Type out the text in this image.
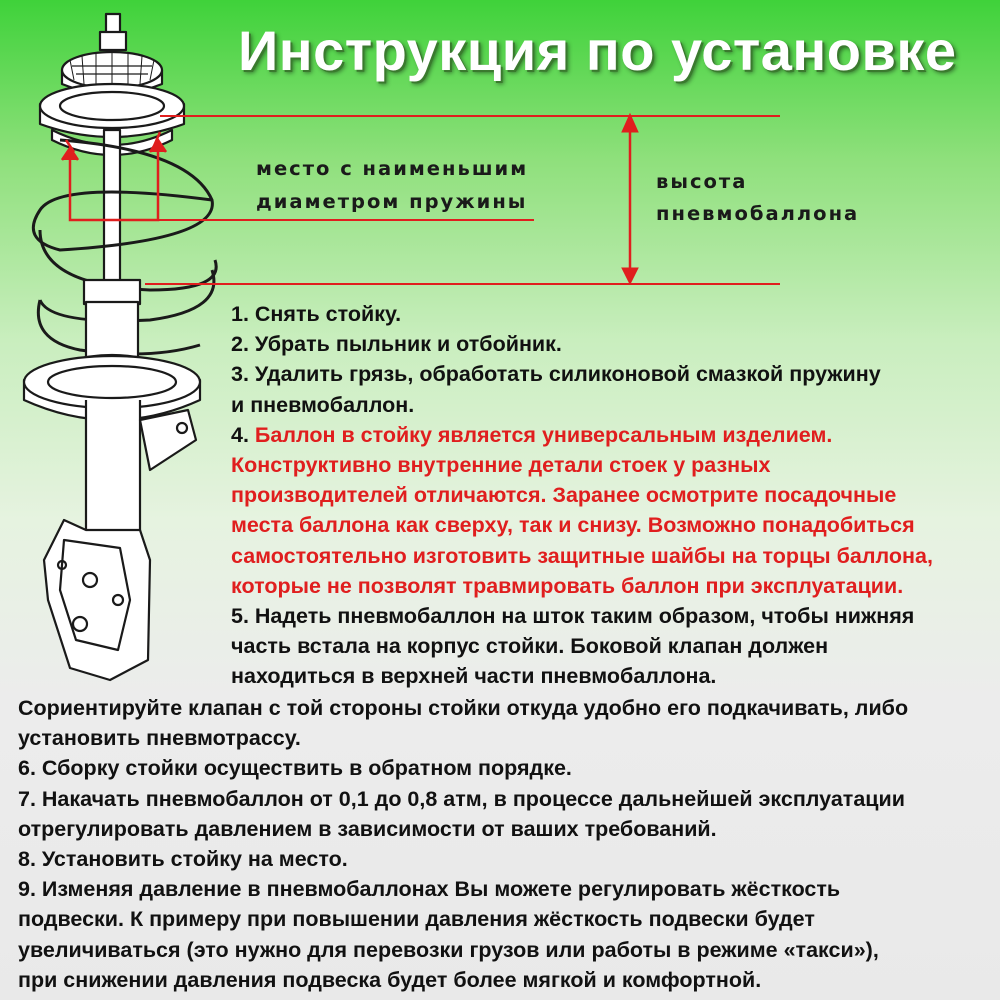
Инструкция по установке
место с наименьшим
диаметром пружины
высота
пневмобаллона
1. Снять стойку.
2. Убрать пыльник и отбойник.
3. Удалить грязь, обработать силиконовой смазкой пружину
и пневмобаллон.
4. Баллон в стойку является универсальным изделием.
Конструктивно внутренние детали стоек у разных
производителей отличаются. Заранее осмотрите посадочные
места баллона как сверху, так и снизу. Возможно понадобиться
самостоятельно изготовить защитные шайбы на торцы баллона,
которые не позволят травмировать баллон при эксплуатации.
5. Надеть пневмобаллон на шток таким образом, чтобы нижняя
часть встала на корпус стойки. Боковой клапан должен
находиться в верхней части пневмобаллона.
Сориентируйте клапан с той стороны стойки откуда удобно его подкачивать, либо
установить пневмотрассу.
6. Сборку стойки осуществить в обратном порядке.
7. Накачать пневмобаллон от 0,1 до 0,8 атм, в процессе дальнейшей эксплуатации
отрегулировать давлением в зависимости от ваших требований.
8. Установить стойку на место.
9. Изменяя давление в пневмобаллонах Вы можете регулировать жёсткость
подвески. К примеру при повышении давления жёсткость подвески будет
увеличиваться (это нужно для перевозки грузов или работы в режиме «такси»),
при снижении давления подвеска будет более мягкой и комфортной.
